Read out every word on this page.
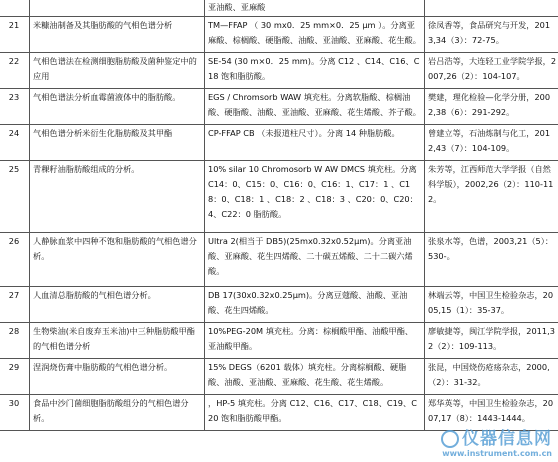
		亚油酸、亚麻酸	
21	米糠油制备及其脂肪酸的气相色谱分析	TM—FFAP （ 30 mx0．25 mm×0．25 μm ）。分离亚麻酸、棕榈酸、硬脂酸、油酸、亚油酸、亚麻酸、花生酸。	徐凤香等，食品研究与开发，2013,34（3）：72-75。
22	气相色谱法在检测细胞脂肪酸及菌种鉴定中的应用	SE-54 (30 m×0．25 mm)。分离 C12 、C14、C16、C18 饱和脂肪酸。	岩吕浩等，大连轻工业学院学报，2007,26（2）：104-107。
23	气相色谱法分析血霉菌液体中的脂肪酸。	EGS / Chromsorb WAW 填充柱。分离软脂酸、棕榈油酸、硬脂酸、油酸、亚油酸、亚麻酸、花生烯酸、芥子酸。	樊建，理化检验—化学分册，2002,38（6）：291-292。
24	气相色谱分析米衍生化脂肪酸及其甲酯	CP-FFAP CB （未报道柱尺寸）。分离 14 种脂肪酸。	曾建立等，石油炼制与化工，2012,43（7）：104-109。
25	青稞籽油脂肪酸组成的分析。	10% silar 10 Chromosorb W AW DMCS 填充柱。分离 C14：0、C15：0、C16：0、C16：1、C17：1 、C18：0、C18：1 、C18：2 、C18：3 、C20：0、C20：4、C22：0 脂肪酸。	朱芳等，江西师范大学学报（自然科学版），2002,26（2）：110-112。
26	人静脉血浆中四种不饱和脂肪酸的气相色谱分析。	Ultra 2(相当于 DB5)(25mx0.32x0.52μm)。分离亚油酸、亚麻酸、花生四烯酸、二十碳五烯酸、二十二碳六烯酸。	张泉水等，色谱，2003,21（5）：530-。
27	人血清总脂肪酸的气相色谱分析。	DB 17(30x0.32x0.25μm)。分离豆蔻酸、油酸、亚油酸、花生四烯酸。	林端云等，中国卫生检验杂志，2005,15（1）：35-37。
28	生物柴油(米自废弃玉米油)中三种脂肪酸甲酯的气相色谱分析	10%PEG-20M 填充柱。分离：棕榈酸甲酯、油酸甲酯、亚油酸甲酯。	廖敏捷等，闽江学院学报，2011,32（2）：109-113。
29	涅润烧伤膏中脂肪酸的气相色谱分析。	15% DEGS（6201 载体）填充柱。分离棕榈酸、硬脂酸、油酸、亚油酸、亚麻酸、花生酸、花生烯酸。	张昆，中国烧伤疮疡杂志，2000,（2）：31-32。
30	食品中沙门菌细胞脂肪酸组分的气相色谱分析。	，HP-5 填充柱。分离 C12、C16、C17、C18、C19、C20 饱和脂肪酸甲酯。	郑华英等，中国卫生检验杂志，2007,17（8）：1443-1444。
仪器信息网
www.instrument.com.cn
